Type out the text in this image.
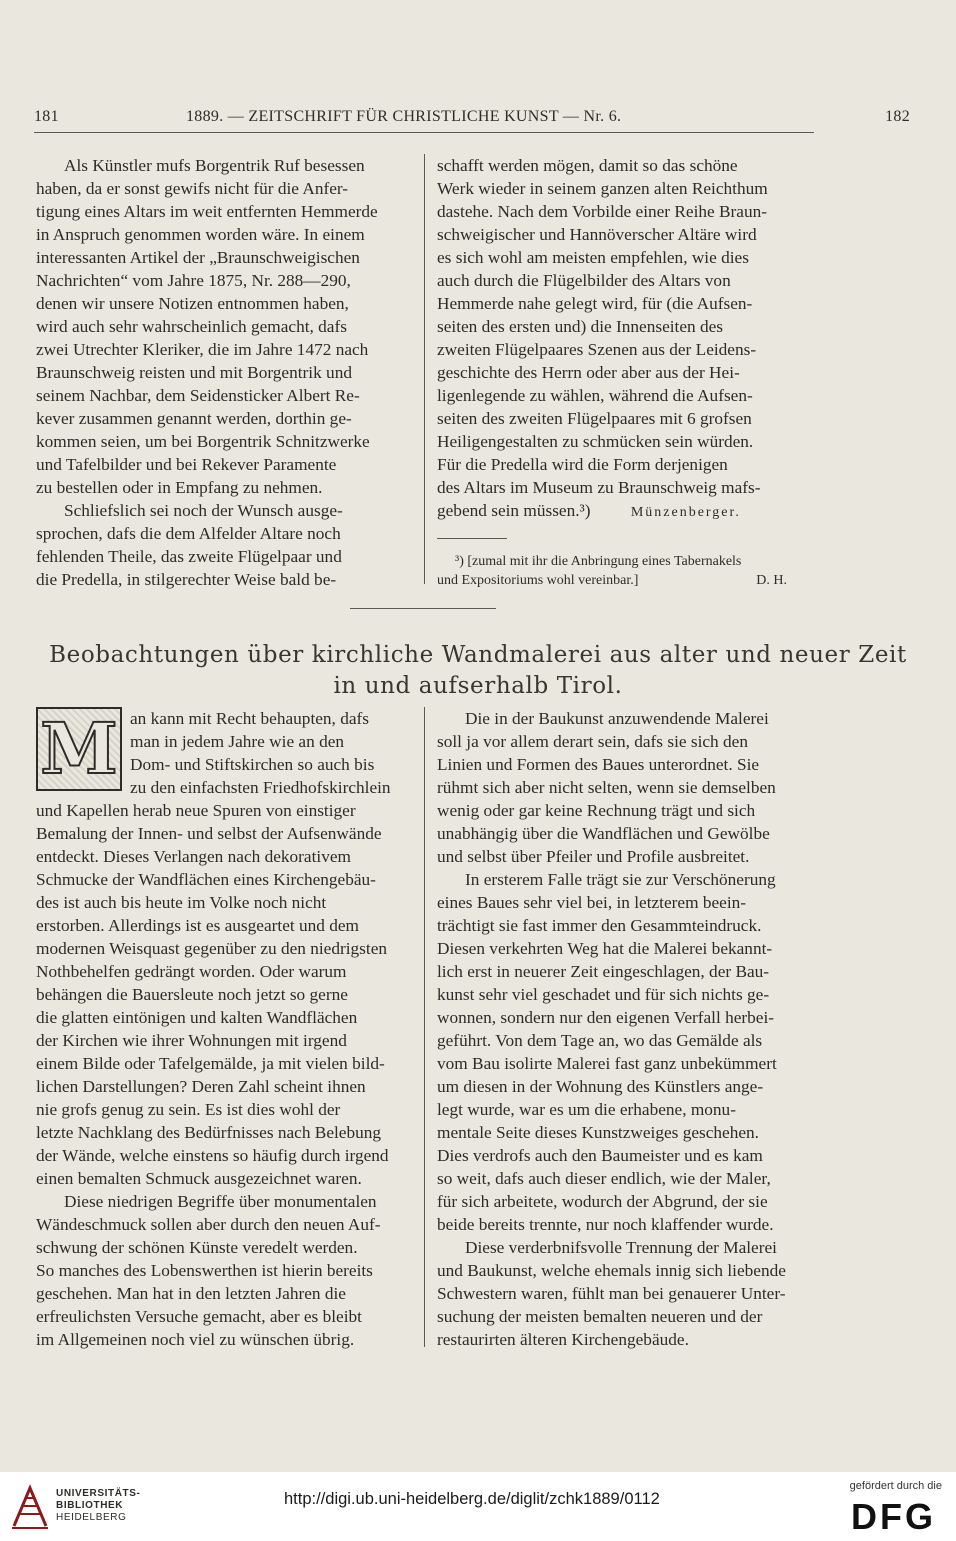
181	1889. — ZEITSCHRIFT FÜR CHRISTLICHE KUNST — Nr. 6.	182

Als Künstler mufs Borgentrik Ruf besessen

haben, da er sonst gewifs nicht für die Anfer-

tigung eines Altars im weit entfernten Hemmerde

in Anspruch genommen worden wäre. In einem

interessanten Artikel der „Braunschweigischen

Nachrichten“ vom Jahre 1875, Nr. 288—290,

denen wir unsere Notizen entnommen haben,

wird auch sehr wahrscheinlich gemacht, dafs

zwei Utrechter Kleriker, die im Jahre 1472 nach

Braunschweig reisten und mit Borgentrik und

seinem Nachbar, dem Seidensticker Albert Re-

kever zusammen genannt werden, dorthin ge-

kommen seien, um bei Borgentrik Schnitzwerke

und Tafelbilder und bei Rekever Paramente

zu bestellen oder in Empfang zu nehmen.

Schliefslich sei noch der Wunsch ausge-

sprochen, dafs die dem Alfelder Altare noch

fehlenden Theile, das zweite Flügelpaar und

die Predella, in stilgerechter Weise bald be-

schafft werden mögen, damit so das schöne

Werk wieder in seinem ganzen alten Reichthum

dastehe. Nach dem Vorbilde einer Reihe Braun-

schweigischer und Hannöverscher Altäre wird

es sich wohl am meisten empfehlen, wie dies

auch durch die Flügelbilder des Altars von

Hemmerde nahe gelegt wird, für (die Aufsen-

seiten des ersten und) die Innenseiten des

zweiten Flügelpaares Szenen aus der Leidens-

geschichte des Herrn oder aber aus der Hei-

ligenlegende zu wählen, während die Aufsen-

seiten des zweiten Flügelpaares mit 6 grofsen

Heiligengestalten zu schmücken sein würden.

Für die Predella wird die Form derjenigen

des Altars im Museum zu Braunschweig mafs-

gebend sein müssen.³)	Münzenberger.

³) [zumal mit ihr die Anbringung eines Tabernakels
und Expositoriums wohl vereinbar.]	D. H.
Beobachtungen über kirchliche Wandmalerei aus alter und neuer Zeit
in und aufserhalb Tirol.
M an kann mit Recht behaupten, dafs

man in jedem Jahre wie an den

Dom- und Stiftskirchen so auch bis

zu den einfachsten Friedhofskirchlein

und Kapellen herab neue Spuren von einstiger

Bemalung der Innen- und selbst der Aufsenwände

entdeckt. Dieses Verlangen nach dekorativem

Schmucke der Wandflächen eines Kirchengebäu-

des ist auch bis heute im Volke noch nicht

erstorben. Allerdings ist es ausgeartet und dem

modernen Weisquast gegenüber zu den niedrigsten

Nothbehelfen gedrängt worden. Oder warum

behängen die Bauersleute noch jetzt so gerne

die glatten eintönigen und kalten Wandflächen

der Kirchen wie ihrer Wohnungen mit irgend

einem Bilde oder Tafelgemälde, ja mit vielen bild-

lichen Darstellungen? Deren Zahl scheint ihnen

nie grofs genug zu sein. Es ist dies wohl der

letzte Nachklang des Bedürfnisses nach Belebung

der Wände, welche einstens so häufig durch irgend

einen bemalten Schmuck ausgezeichnet waren.

Diese niedrigen Begriffe über monumentalen

Wändeschmuck sollen aber durch den neuen Auf-

schwung der schönen Künste veredelt werden.

So manches des Lobenswerthen ist hierin bereits

geschehen. Man hat in den letzten Jahren die

erfreulichsten Versuche gemacht, aber es bleibt

im Allgemeinen noch viel zu wünschen übrig.

Die in der Baukunst anzuwendende Malerei

soll ja vor allem derart sein, dafs sie sich den

Linien und Formen des Baues unterordnet. Sie

rühmt sich aber nicht selten, wenn sie demselben

wenig oder gar keine Rechnung trägt und sich

unabhängig über die Wandflächen und Gewölbe

und selbst über Pfeiler und Profile ausbreitet.

In ersterem Falle trägt sie zur Verschönerung

eines Baues sehr viel bei, in letzterem beein-

trächtigt sie fast immer den Gesammteindruck.

Diesen verkehrten Weg hat die Malerei bekannt-

lich erst in neuerer Zeit eingeschlagen, der Bau-

kunst sehr viel geschadet und für sich nichts ge-

wonnen, sondern nur den eigenen Verfall herbei-

geführt. Von dem Tage an, wo das Gemälde als

vom Bau isolirte Malerei fast ganz unbekümmert

um diesen in der Wohnung des Künstlers ange-

legt wurde, war es um die erhabene, monu-

mentale Seite dieses Kunstzweiges geschehen.

Dies verdrofs auch den Baumeister und es kam

so weit, dafs auch dieser endlich, wie der Maler,

für sich arbeitete, wodurch der Abgrund, der sie

beide bereits trennte, nur noch klaffender wurde.

Diese verderbnifsvolle Trennung der Malerei

und Baukunst, welche ehemals innig sich liebende

Schwestern waren, fühlt man bei genauerer Unter-

suchung der meisten bemalten neueren und der

restaurirten älteren Kirchengebäude.

UNIVERSITÄTS-
BIBLIOTHEK
HEIDELBERG
http://digi.ub.uni-heidelberg.de/diglit/zchk1889/0112
gefördert durch die
DFG
